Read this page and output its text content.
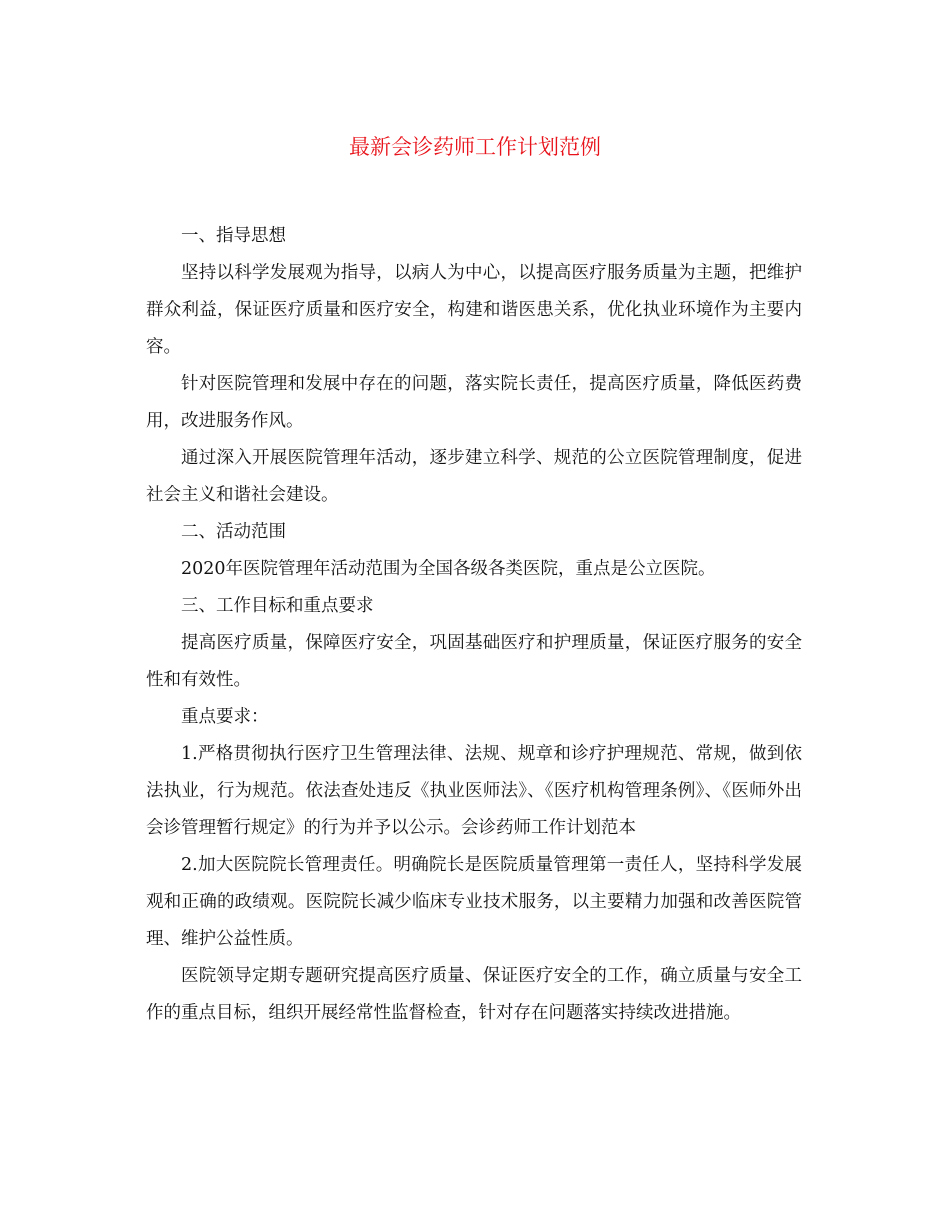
最新会诊药师工作计划范例

一、指导思想

坚持以科学发展观为指导，以病人为中心，以提高医疗服务质量为主题，把维护群众利益，保证医疗质量和医疗安全，构建和谐医患关系，优化执业环境作为主要内容。

针对医院管理和发展中存在的问题，落实院长责任，提高医疗质量，降低医药费用，改进服务作风。

通过深入开展医院管理年活动，逐步建立科学、规范的公立医院管理制度，促进社会主义和谐社会建设。

二、活动范围

2020年医院管理年活动范围为全国各级各类医院，重点是公立医院。

三、工作目标和重点要求

提高医疗质量，保障医疗安全，巩固基础医疗和护理质量，保证医疗服务的安全性和有效性。

重点要求：

1.严格贯彻执行医疗卫生管理法律、法规、规章和诊疗护理规范、常规，做到依法执业，行为规范。依法查处违反《执业医师法》、《医疗机构管理条例》、《医师外出会诊管理暂行规定》的行为并予以公示。会诊药师工作计划范本

2.加大医院院长管理责任。明确院长是医院质量管理第一责任人，坚持科学发展观和正确的政绩观。医院院长减少临床专业技术服务，以主要精力加强和改善医院管理、维护公益性质。

医院领导定期专题研究提高医疗质量、保证医疗安全的工作，确立质量与安全工作的重点目标，组织开展经常性监督检查，针对存在问题落实持续改进措施。
